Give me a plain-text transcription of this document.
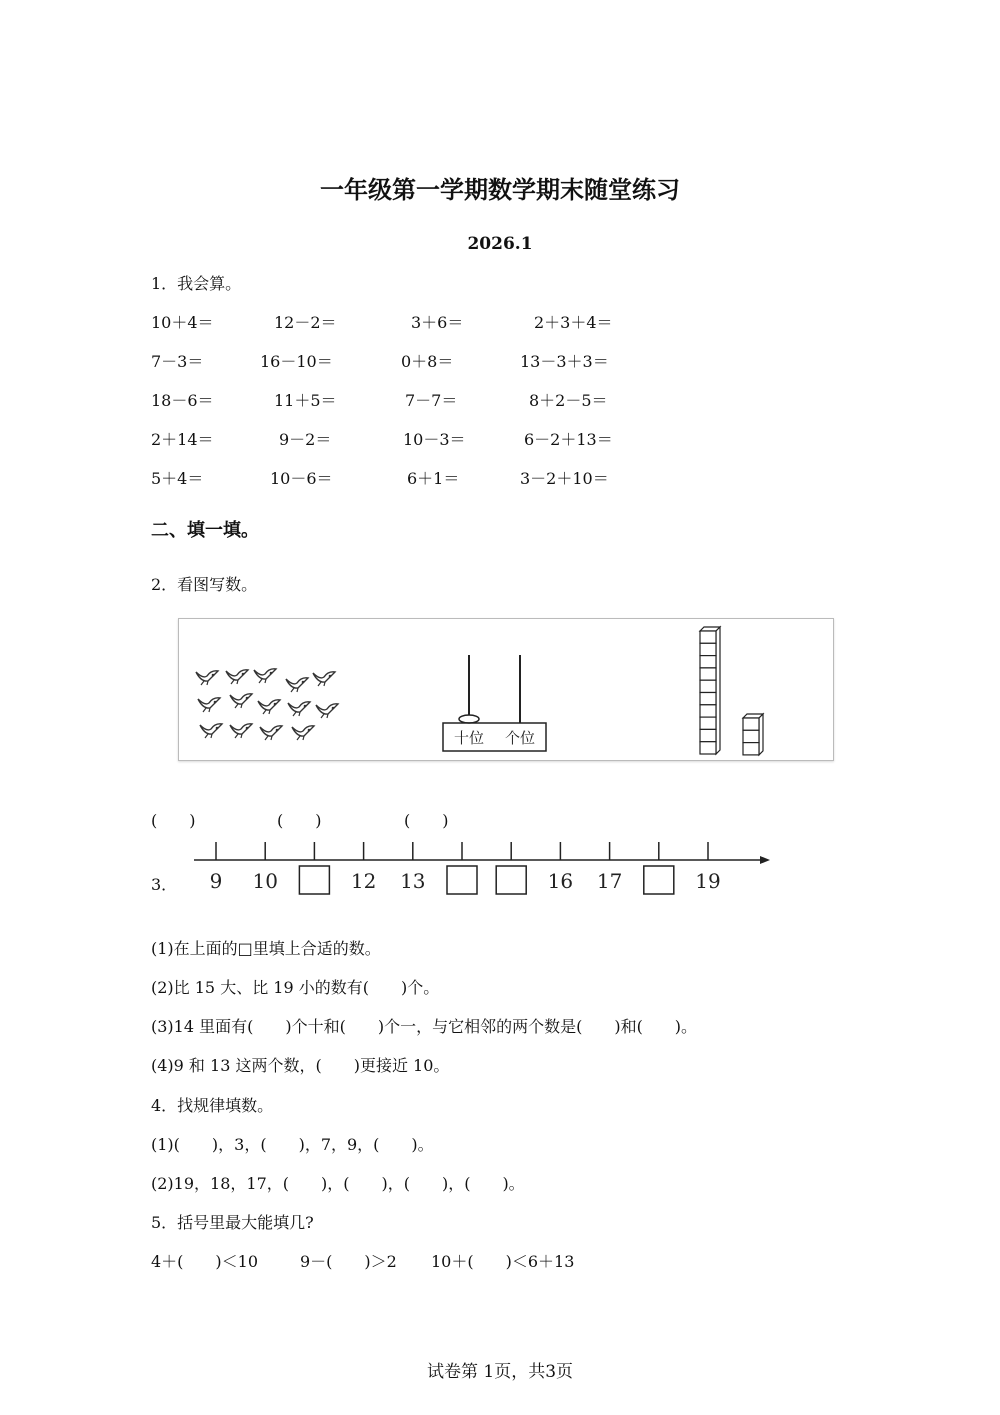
一年级第一学期数学期末随堂练习
2026.1
1．我会算。
10＋4＝	12－2＝	3＋6＝	2＋3＋4＝
7－3＝	16－10＝	0＋8＝	13－3＋3＝
18－6＝	11＋5＝	7－7＝	8＋2－5＝
2＋14＝	9－2＝	10－3＝	6－2＋13＝
5＋4＝	10－6＝	6＋1＝	3－2＋10＝
二、填一填。
2．看图写数。
十位 个位
(　　)	(　　)	(　　)
3． 9 10	12 13	16 17	19
(1)在上面的□里填上合适的数。
(2)比 15 大、比 19 小的数有(　　)个。
(3)14 里面有(　　)个十和(　　)个一，与它相邻的两个数是(　　)和(　　)。
(4)9 和 13 这两个数，(　　)更接近 10。
4．找规律填数。
(1)(　　)，3，(　　)，7，9，(　　)。
(2)19，18，17，(　　)，(　　)，(　　)，(　　)。
5．括号里最大能填几?
4＋(　　)＜10	9－(　　)＞2 10＋(　　)＜6＋13
试卷第 1页，共3页
